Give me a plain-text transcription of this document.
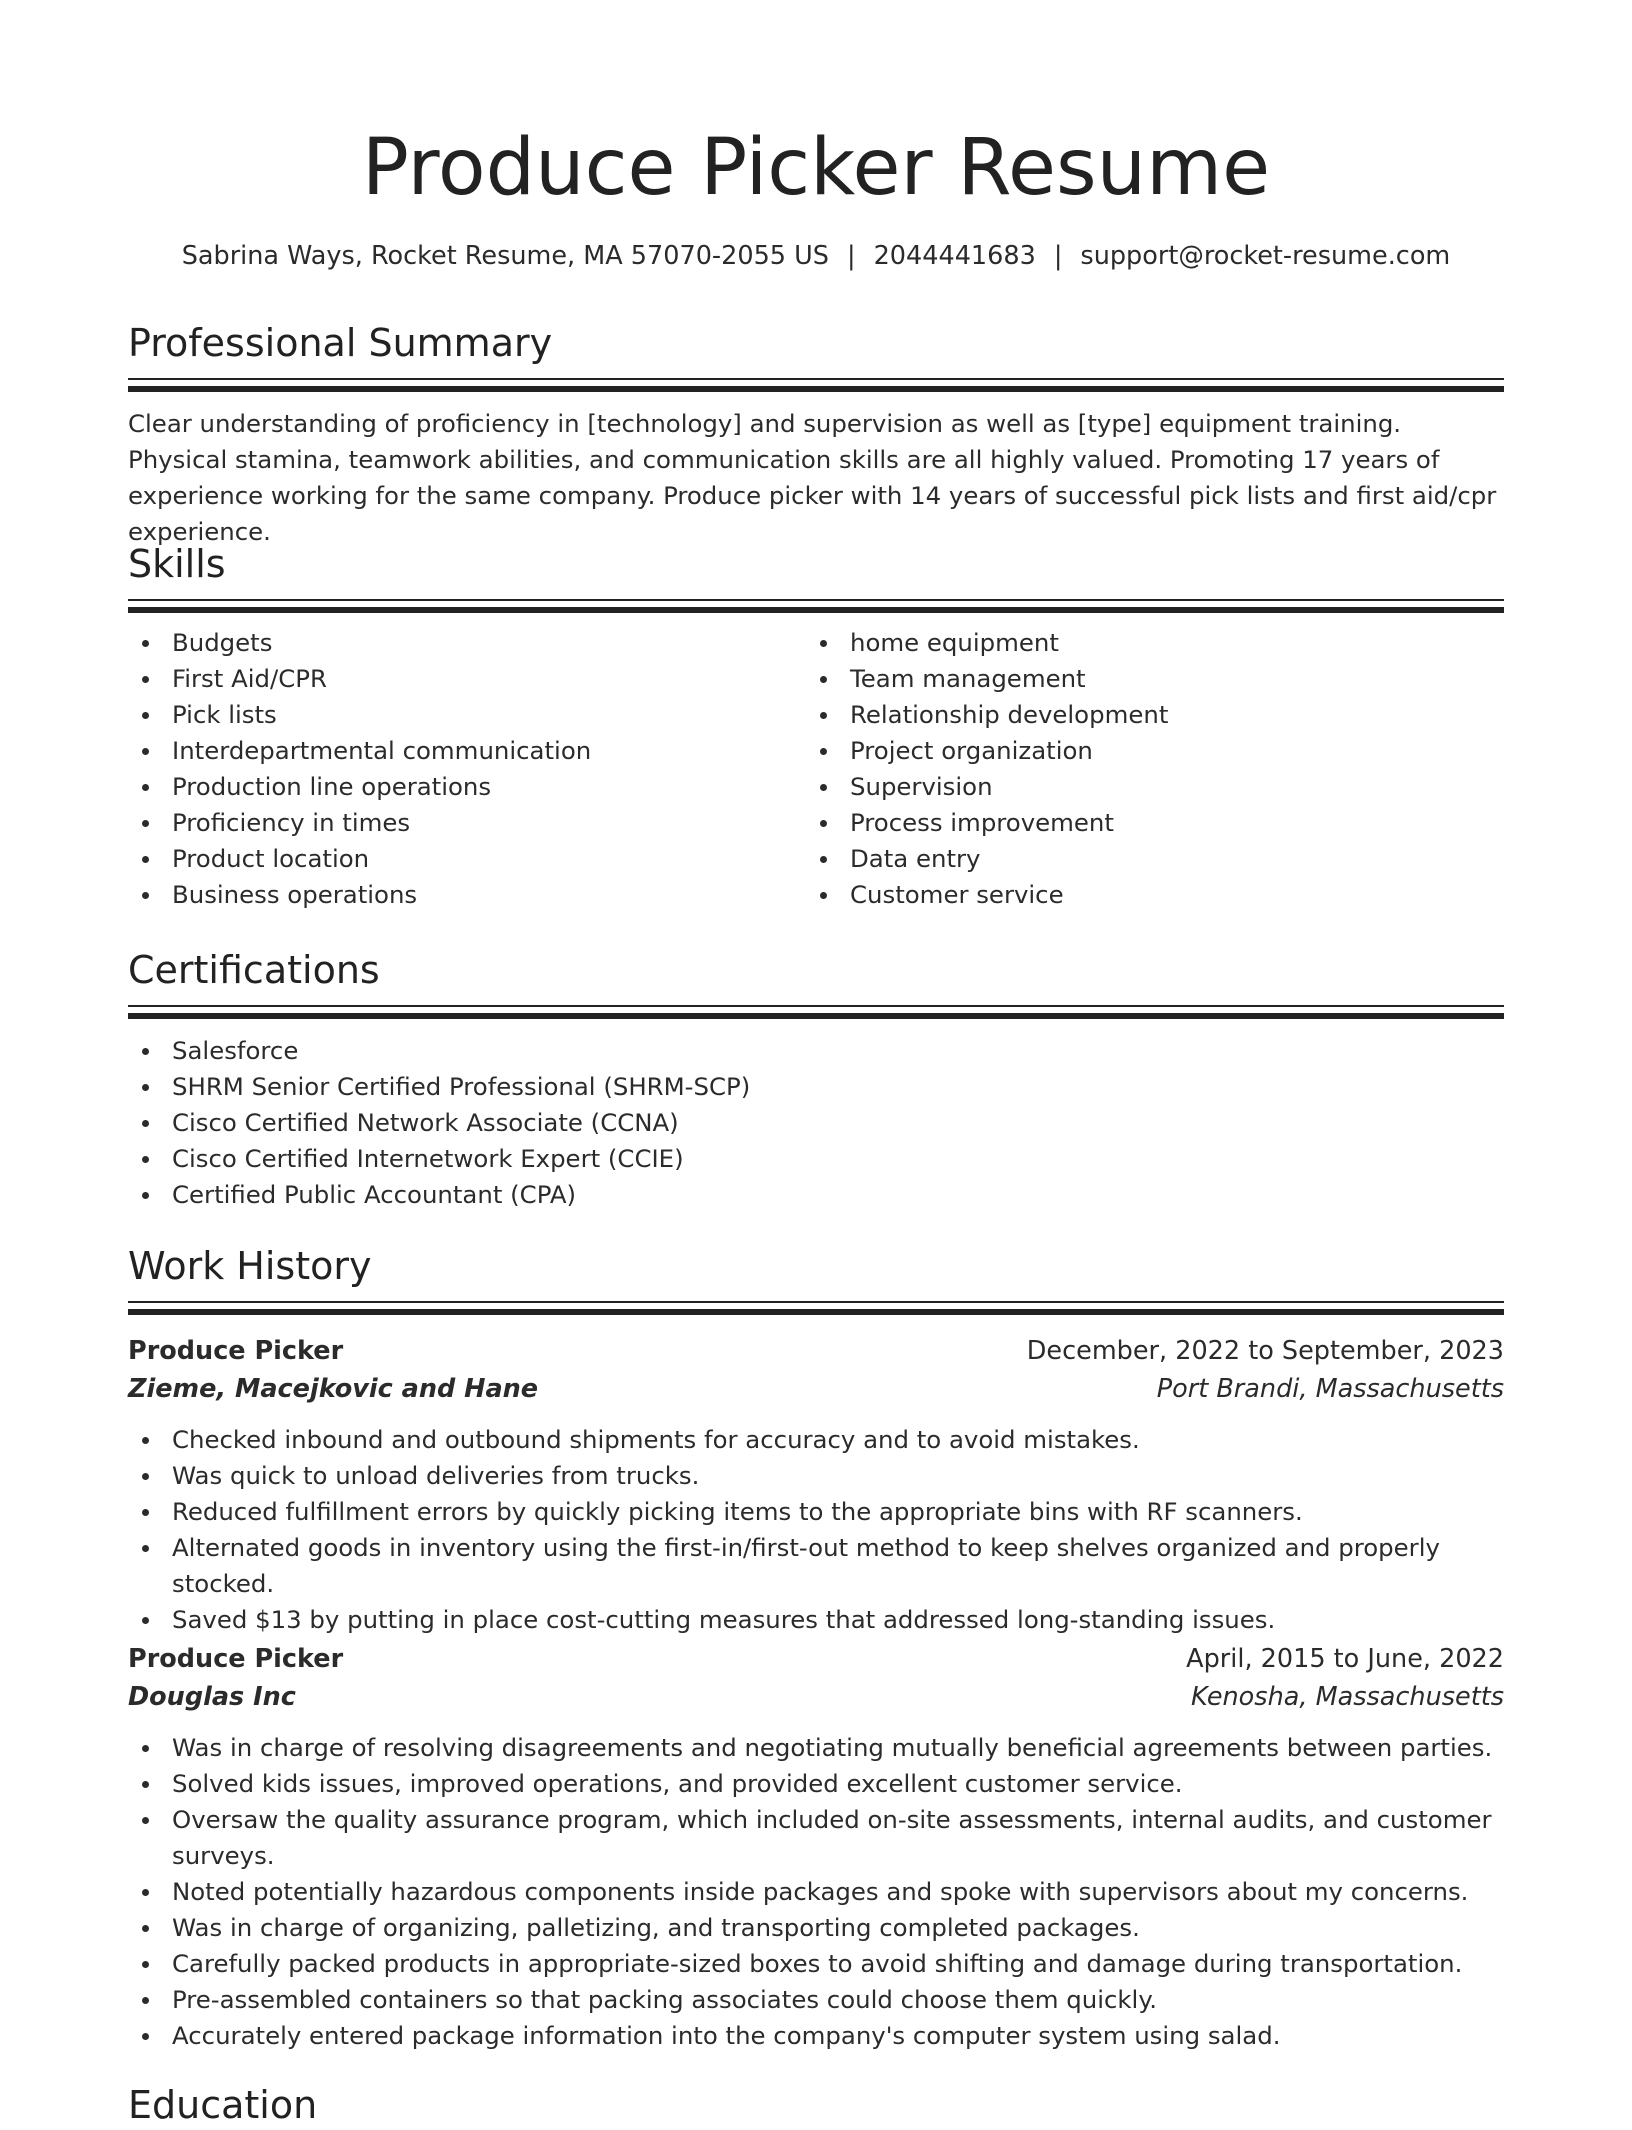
Produce Picker Resume
Sabrina Ways, Rocket Resume, MA 57070-2055 US | 2044441683 | support@rocket-resume.com
Professional Summary

Clear understanding of proficiency in [technology] and supervision as well as [type] equipment training. Physical stamina, teamwork abilities, and communication skills are all highly valued. Promoting 17 years of experience working for the same company. Produce picker with 14 years of successful pick lists and first aid/cpr experience.

Skills
Budgets
First Aid/CPR
Pick lists
Interdepartmental communication
Production line operations
Proficiency in times
Product location
Business operations
home equipment
Team management
Relationship development
Project organization
Supervision
Process improvement
Data entry
Customer service
Certifications
Salesforce
SHRM Senior Certified Professional (SHRM-SCP)
Cisco Certified Network Associate (CCNA)
Cisco Certified Internetwork Expert (CCIE)
Certified Public Accountant (CPA)
Work History
Produce Picker	December, 2022 to September, 2023
Zieme, Macejkovic and Hane	Port Brandi, Massachusetts
Checked inbound and outbound shipments for accuracy and to avoid mistakes.
Was quick to unload deliveries from trucks.
Reduced fulfillment errors by quickly picking items to the appropriate bins with RF scanners.
Alternated goods in inventory using the first-in/first-out method to keep shelves organized and properly stocked.
Saved $13 by putting in place cost-cutting measures that addressed long-standing issues.
Produce Picker	April, 2015 to June, 2022
Douglas Inc	Kenosha, Massachusetts
Was in charge of resolving disagreements and negotiating mutually beneficial agreements between parties.
Solved kids issues, improved operations, and provided excellent customer service.
Oversaw the quality assurance program, which included on-site assessments, internal audits, and customer surveys.
Noted potentially hazardous components inside packages and spoke with supervisors about my concerns.
Was in charge of organizing, palletizing, and transporting completed packages.
Carefully packed products in appropriate-sized boxes to avoid shifting and damage during transportation.
Pre-assembled containers so that packing associates could choose them quickly.
Accurately entered package information into the company's computer system using salad.
Education
